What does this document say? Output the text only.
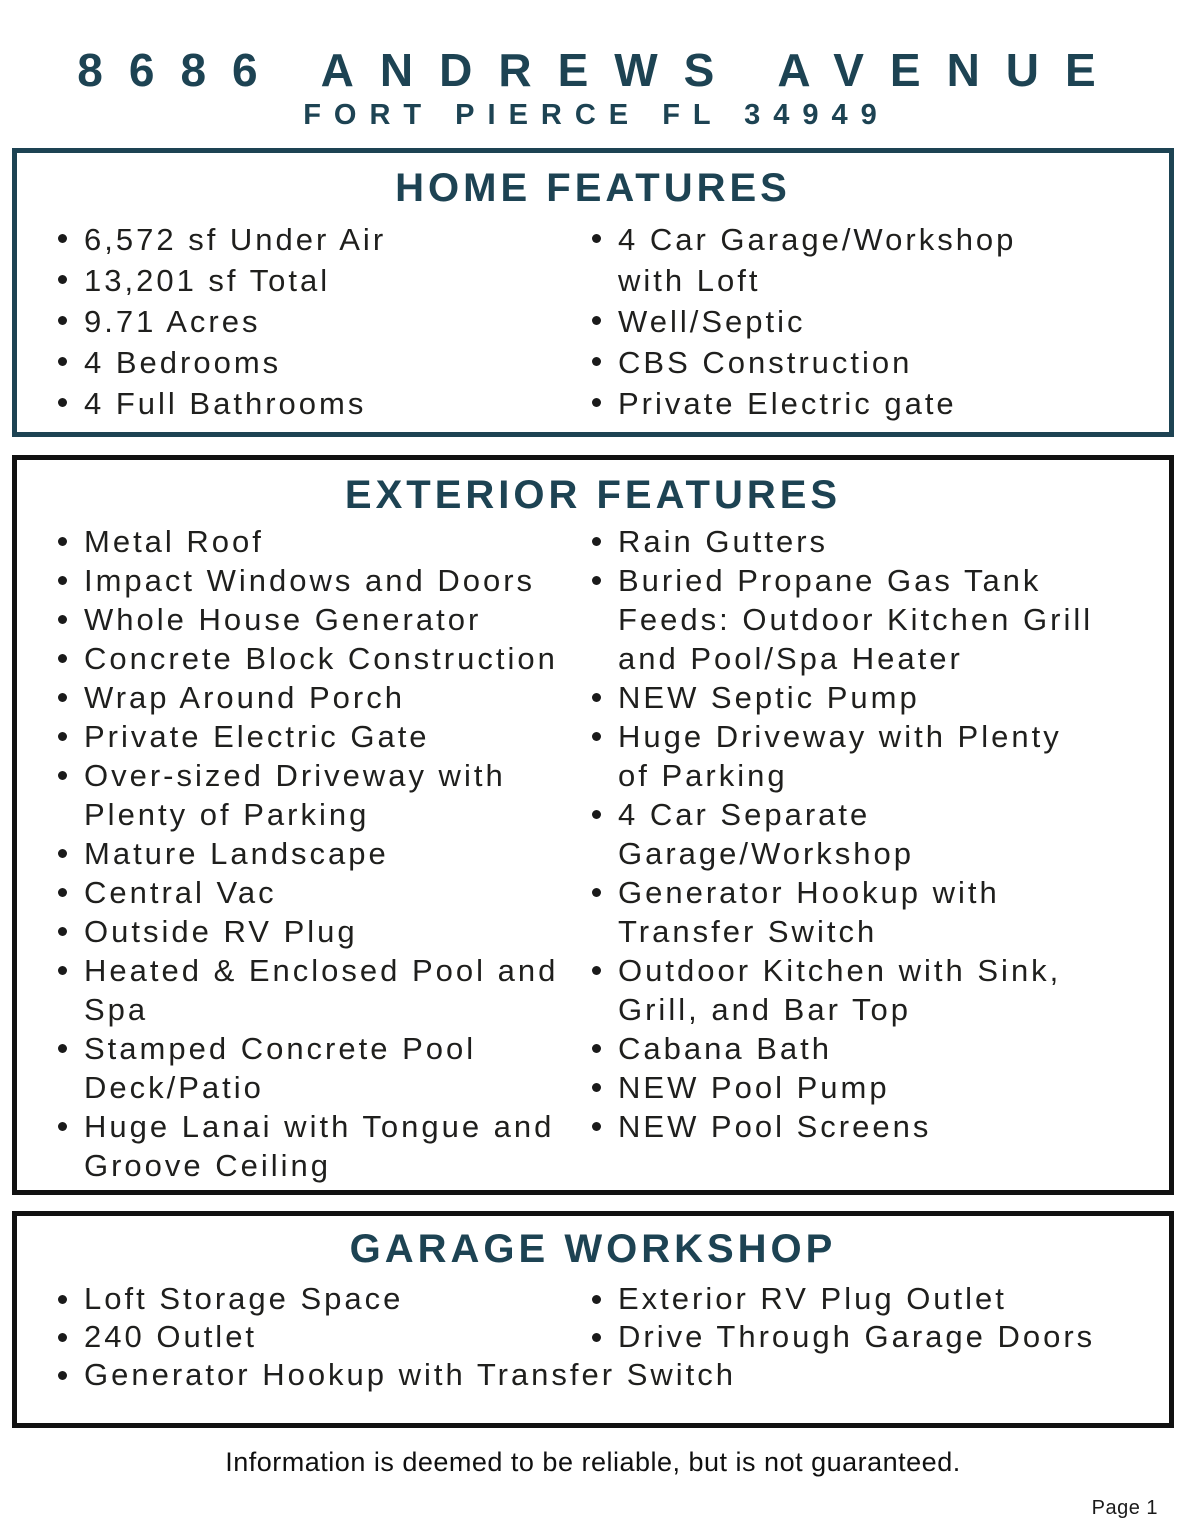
8686 ANDREWS AVENUE
FORT PIERCE FL 34949
HOME FEATURES
6,572 sf Under Air
13,201 sf Total
9.71 Acres
4 Bedrooms
4 Full Bathrooms
4 Car Garage/Workshop with Loft
Well/Septic
CBS Construction
Private Electric gate
EXTERIOR FEATURES
Metal Roof
Impact Windows and Doors
Whole House Generator
Concrete Block Construction
Wrap Around Porch
Private Electric Gate
Over-sized Driveway with Plenty of Parking
Mature Landscape
Central Vac
Outside RV Plug
Heated & Enclosed Pool and Spa
Stamped Concrete Pool Deck/Patio
Huge Lanai with Tongue and Groove Ceiling
Rain Gutters
Buried Propane Gas Tank Feeds: Outdoor Kitchen Grill and Pool/Spa Heater
NEW Septic Pump
Huge Driveway with Plenty of Parking
4 Car Separate Garage/Workshop
Generator Hookup with Transfer Switch
Outdoor Kitchen with Sink, Grill, and Bar Top
Cabana Bath
NEW Pool Pump
NEW Pool Screens
GARAGE WORKSHOP
Loft Storage Space
240 Outlet
Generator Hookup with Transfer Switch
Exterior RV Plug Outlet
Drive Through Garage Doors
Information is deemed to be reliable, but is not guaranteed.
Page 1
